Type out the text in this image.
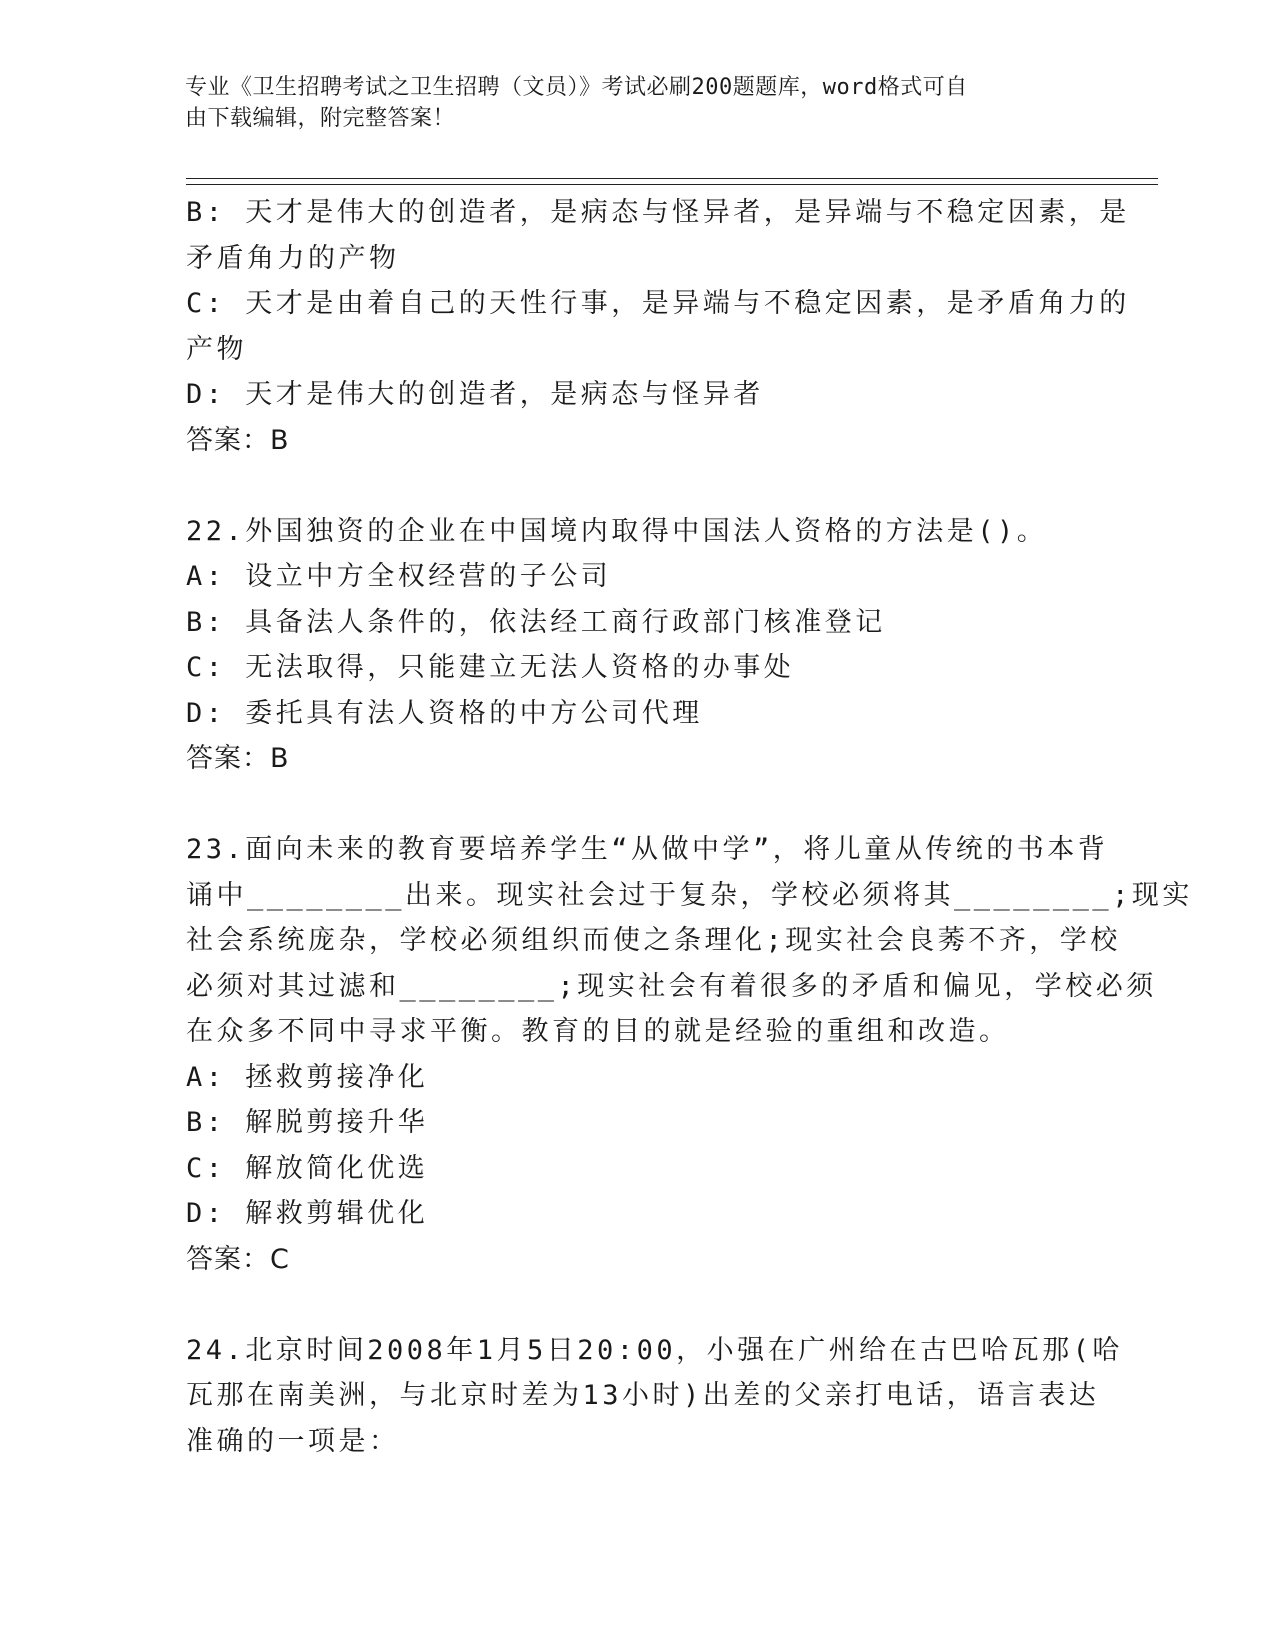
专业《卫生招聘考试之卫生招聘（文员）》考试必刷200题题库，word格式可自
由下载编辑，附完整答案！
B: 天才是伟大的创造者，是病态与怪异者，是异端与不稳定因素，是
矛盾角力的产物
C: 天才是由着自己的天性行事，是异端与不稳定因素，是矛盾角力的
产物
D: 天才是伟大的创造者，是病态与怪异者
答案：B
22.外国独资的企业在中国境内取得中国法人资格的方法是()。
A: 设立中方全权经营的子公司
B: 具备法人条件的，依法经工商行政部门核准登记
C: 无法取得，只能建立无法人资格的办事处
D: 委托具有法人资格的中方公司代理
答案：B
23.面向未来的教育要培养学生“从做中学”，将儿童从传统的书本背
诵中________出来。现实社会过于复杂，学校必须将其________;现实
社会系统庞杂，学校必须组织而使之条理化;现实社会良莠不齐，学校
必须对其过滤和________;现实社会有着很多的矛盾和偏见，学校必须
在众多不同中寻求平衡。教育的目的就是经验的重组和改造。
A: 拯救剪接净化
B: 解脱剪接升华
C: 解放简化优选
D: 解救剪辑优化
答案：C
24.北京时间2008年1月5日20:00，小强在广州给在古巴哈瓦那(哈
瓦那在南美洲，与北京时差为13小时)出差的父亲打电话，语言表达
准确的一项是：
